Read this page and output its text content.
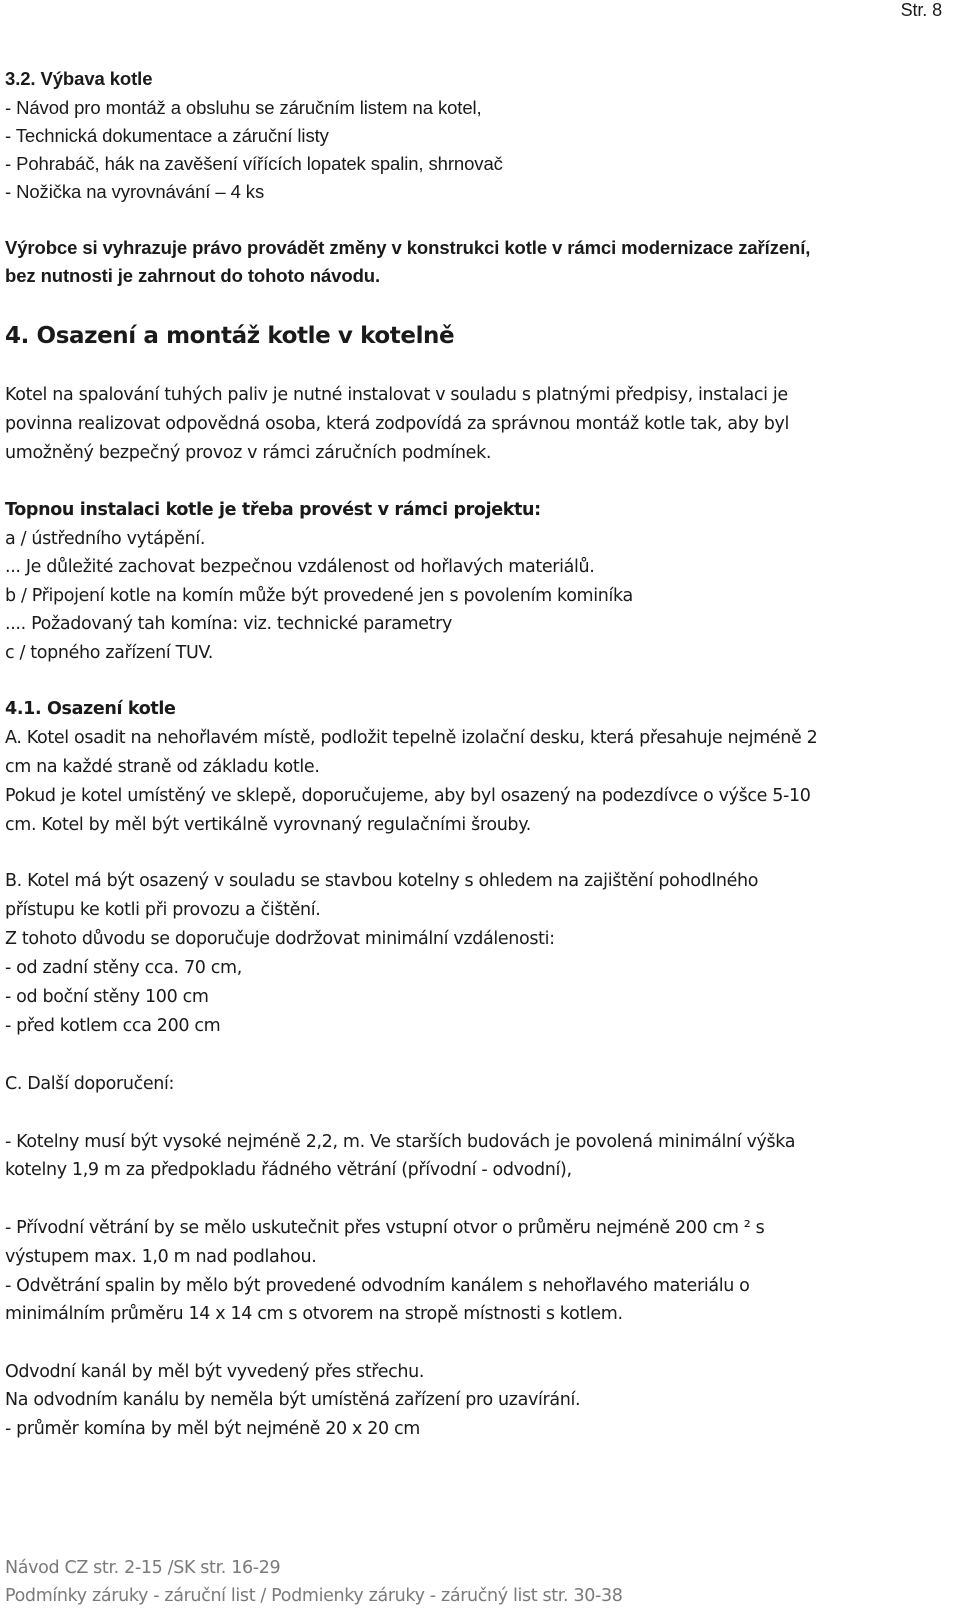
Str. 8
3.2. Výbava kotle
- Návod pro montáž a obsluhu se záručním listem na kotel,
- Technická dokumentace a záruční listy
- Pohrabáč, hák na zavěšení vířících lopatek spalin, shrnovač
- Nožička na vyrovnávání – 4 ks
Výrobce si vyhrazuje právo provádět změny v konstrukci kotle v rámci modernizace zařízení,
bez nutnosti je zahrnout do tohoto návodu.
4. Osazení a montáž kotle v kotelně
Kotel na spalování tuhých paliv je nutné instalovat v souladu s platnými předpisy, instalaci je
povinna realizovat odpovědná osoba, která zodpovídá za správnou montáž kotle tak, aby byl
umožněný bezpečný provoz v rámci záručních podmínek.
Topnou instalaci kotle je třeba provést v rámci projektu:
a / ústředního vytápění.
... Je důležité zachovat bezpečnou vzdálenost od hořlavých materiálů.
b / Připojení kotle na komín může být provedené jen s povolením kominíka
.... Požadovaný tah komína: viz. technické parametry
c / topného zařízení TUV.
4.1. Osazení kotle
A. Kotel osadit na nehořlavém místě, podložit tepelně izolační desku, která přesahuje nejméně 2
cm na každé straně od základu kotle.
Pokud je kotel umístěný ve sklepě, doporučujeme, aby byl osazený na podezdívce o výšce 5-10
cm. Kotel by měl být vertikálně vyrovnaný regulačními šrouby.
B. Kotel má být osazený v souladu se stavbou kotelny s ohledem na zajištění pohodlného
přístupu ke kotli při provozu a čištění.
Z tohoto důvodu se doporučuje dodržovat minimální vzdálenosti:
- od zadní stěny cca. 70 cm,
- od boční stěny 100 cm
- před kotlem cca 200 cm
C. Další doporučení:
- Kotelny musí být vysoké nejméně 2,2, m. Ve starších budovách je povolená minimální výška
kotelny 1,9 m za předpokladu řádného větrání (přívodní - odvodní),
- Přívodní větrání by se mělo uskutečnit přes vstupní otvor o průměru nejméně 200 cm ² s
výstupem max. 1,0 m nad podlahou.
- Odvětrání spalin by mělo být provedené odvodním kanálem s nehořlavého materiálu o
minimálním průměru 14 x 14 cm s otvorem na stropě místnosti s kotlem.
Odvodní kanál by měl být vyvedený přes střechu.
Na odvodním kanálu by neměla být umístěná zařízení pro uzavírání.
- průměr komína by měl být nejméně 20 x 20 cm
Návod CZ str. 2-15 /SK str. 16-29
Podmínky záruky - záruční list / Podmienky záruky - záručný list str. 30-38
